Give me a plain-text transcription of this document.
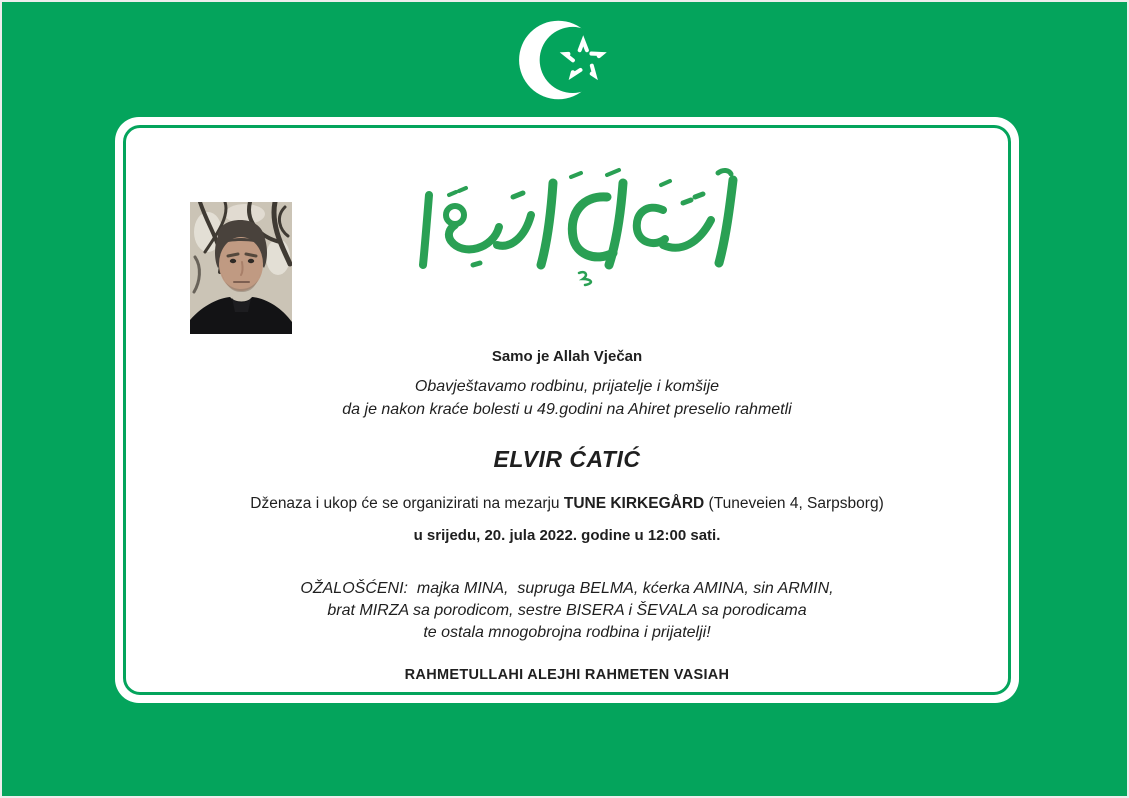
Samo je Allah Vječan

Obavještavamo rodbinu, prijatelje i komšije

da je nakon kraće bolesti u 49.godini na Ahiret preselio rahmetli

ELVIR ĆATIĆ

Dženaza i ukop će se organizirati na mezarju TUNE KIRKEGÅRD (Tuneveien 4, Sarpsborg)

u srijedu, 20. jula 2022. godine u 12:00 sati.

OŽALOŠĆENI:  majka MINA,  supruga BELMA, kćerka AMINA, sin ARMIN,

brat MIRZA sa porodicom, sestre BISERA i ŠEVALA sa porodicama

te ostala mnogobrojna rodbina i prijatelji!

RAHMETULLAHI ALEJHI RAHMETEN VASIAH
